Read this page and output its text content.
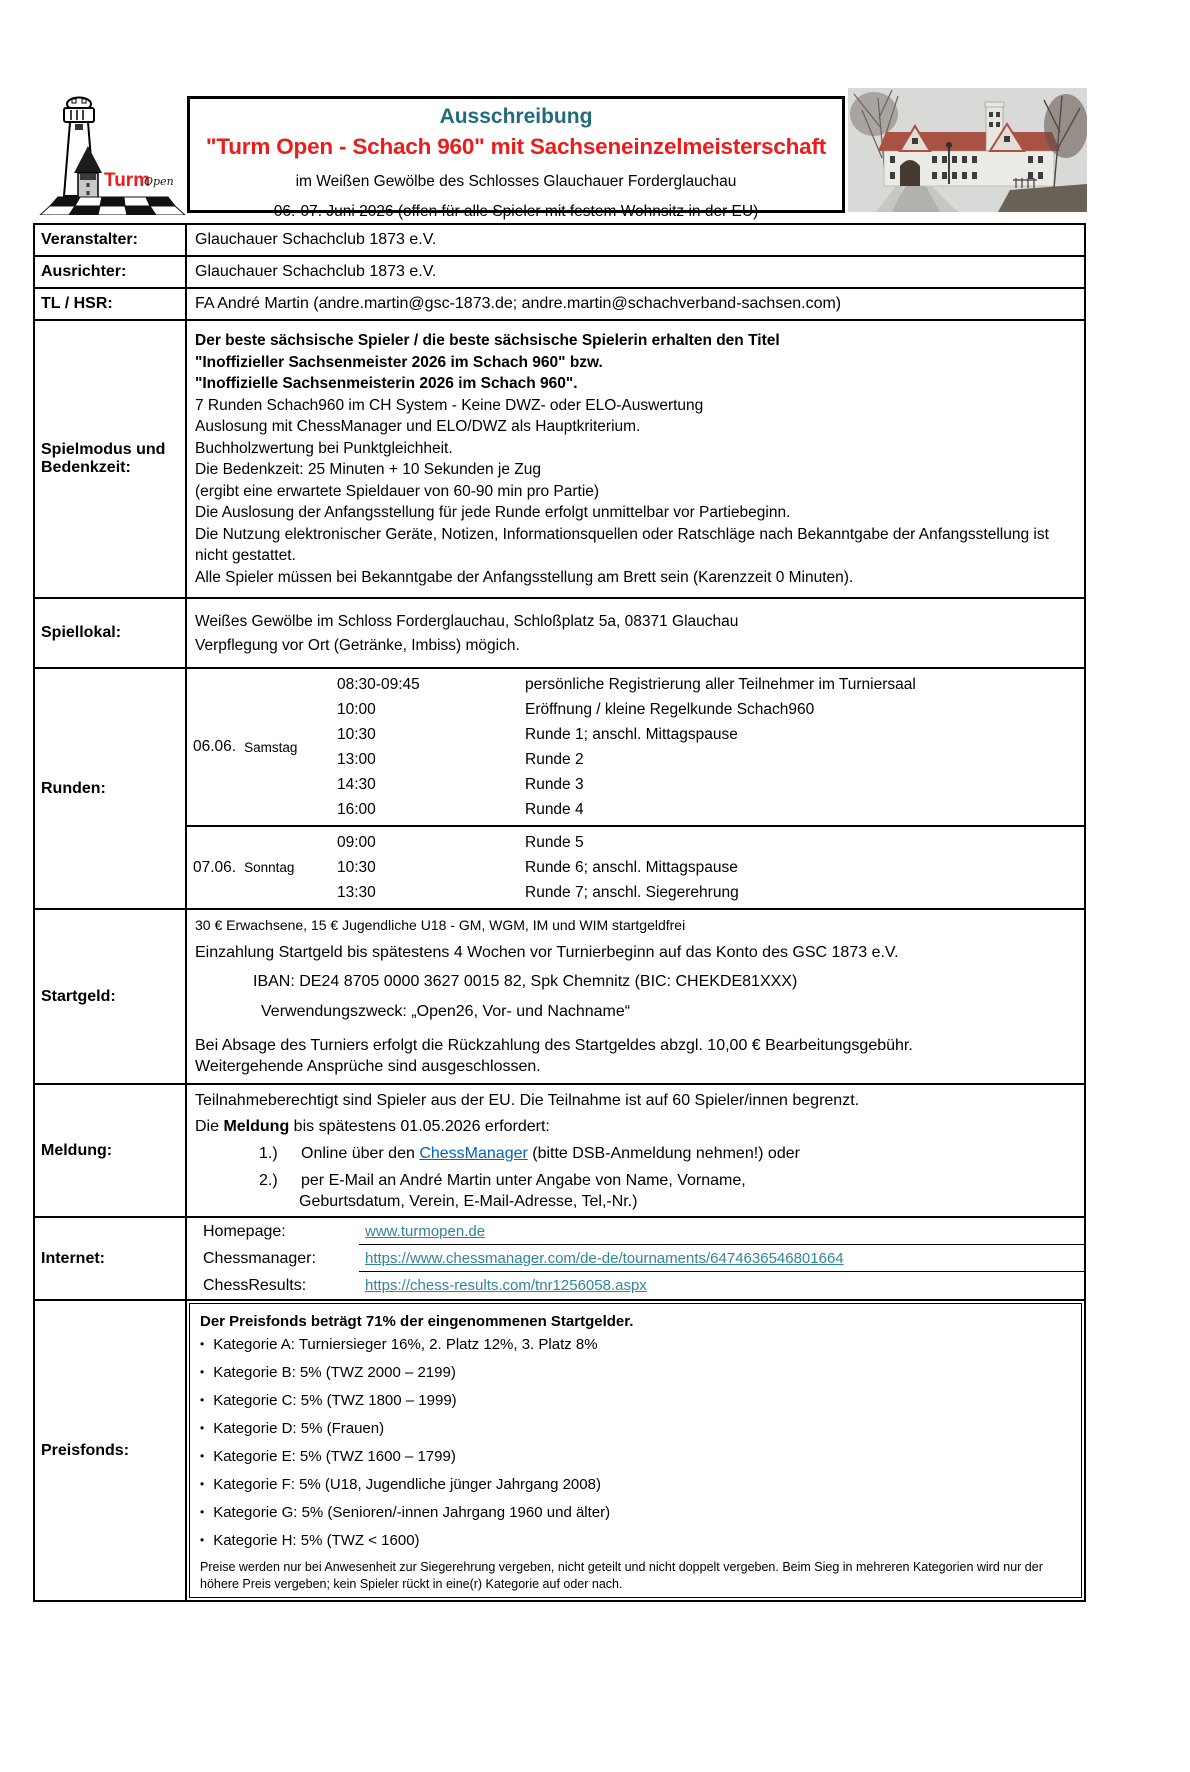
Turm
Open
Ausschreibung
"Turm Open - Schach 960" mit Sachseneinzelmeisterschaft
im Weißen Gewölbe des Schlosses Glauchauer Forderglauchau
06.-07. Juni 2026 (offen für alle Spieler mit festem Wohnsitz in der EU)
Veranstalter:	Glauchauer Schachclub 1873 e.V.
Ausrichter:	Glauchauer Schachclub 1873 e.V.
TL / HSR:	FA André Martin (andre.martin@gsc-1873.de; andre.martin@schachverband-sachsen.com)
Spielmodus und Bedenkzeit:	
Der beste sächsische Spieler / die beste sächsische Spielerin erhalten den Titel
"Inoffizieller Sachsenmeister 2026 im Schach 960" bzw.
"Inoffizielle Sachsenmeisterin 2026 im Schach 960".
7 Runden Schach960 im CH System - Keine DWZ- oder ELO-Auswertung
Auslosung mit ChessManager und ELO/DWZ als Hauptkriterium.
Buchholzwertung bei Punktgleichheit.
Die Bedenkzeit: 25 Minuten + 10 Sekunden je Zug
(ergibt eine erwartete Spieldauer von 60-90 min pro Partie)
Die Auslosung der Anfangsstellung für jede Runde erfolgt unmittelbar vor Partiebeginn.
Die Nutzung elektronischer Geräte, Notizen, Informationsquellen oder Ratschläge nach Bekanntgabe der Anfangsstellung ist nicht gestattet.
Alle Spieler müssen bei Bekanntgabe der Anfangsstellung am Brett sein (Karenzzeit 0 Minuten).

Spiellokal:	Weißes Gewölbe im Schloss Forderglauchau, Schloßplatz 5a, 08371 Glauchau
Verpflegung vor Ort (Getränke, Imbiss) mögich.

Runden:	
06.06. Samstag
08:30-09:45	persönliche Registrierung aller Teilnehmer im Turniersaal
10:00	Eröffnung / kleine Regelkunde Schach960
10:30	Runde 1; anschl. Mittagspause
13:00	Runde 2
14:30	Runde 3
16:00	Runde 4
07.06. Sonntag
09:00	Runde 5
10:30	Runde 6; anschl. Mittagspause
13:30	Runde 7; anschl. Siegerehrung

Startgeld:	
30 € Erwachsene, 15 € Jugendliche U18 - GM, WGM, IM und WIM startgeldfrei
Einzahlung Startgeld bis spätestens 4 Wochen vor Turnierbeginn auf das Konto des GSC 1873 e.V.
IBAN: DE24 8705 0000 3627 0015 82, Spk Chemnitz (BIC: CHEKDE81XXX)
Verwendungszweck: „Open26, Vor- und Nachname“
Bei Absage des Turniers erfolgt die Rückzahlung des Startgeldes abzgl. 10,00 € Bearbeitungsgebühr.
Weitergehende Ansprüche sind ausgeschlossen.

Meldung:	
Teilnahmeberechtigt sind Spieler aus der EU. Die Teilnahme ist auf 60 Spieler/innen begrenzt.
Die Meldung bis spätestens 01.05.2026 erfordert:
1.)	Online über den ChessManager (bitte DSB-Anmeldung nehmen!) oder
2.)	per E-Mail an André Martin unter Angabe von Name, Vorname,
Geburtsdatum, Verein, E-Mail-Adresse, Tel,-Nr.)

Internet:	
Homepage:	www.turmopen.de
Chessmanager:	https://www.chessmanager.com/de-de/tournaments/6474636546801664
ChessResults:	https://chess-results.com/tnr1256058.aspx

Preisfonds:	
Der Preisfonds beträgt 71% der eingenommenen Startgelder.
• Kategorie A: Turniersieger 16%, 2. Platz 12%, 3. Platz 8%
• Kategorie B: 5% (TWZ 2000 – 2199)
• Kategorie C: 5% (TWZ 1800 – 1999)
• Kategorie D: 5% (Frauen)
• Kategorie E: 5% (TWZ 1600 – 1799)
• Kategorie F: 5% (U18, Jugendliche jünger Jahrgang 2008)
• Kategorie G: 5% (Senioren/-innen Jahrgang 1960 und älter)
• Kategorie H: 5% (TWZ < 1600)
Preise werden nur bei Anwesenheit zur Siegerehrung vergeben, nicht geteilt und nicht doppelt vergeben. Beim Sieg in mehreren Kategorien wird nur der höhere Preis vergeben; kein Spieler rückt in eine(r) Kategorie auf oder nach.
